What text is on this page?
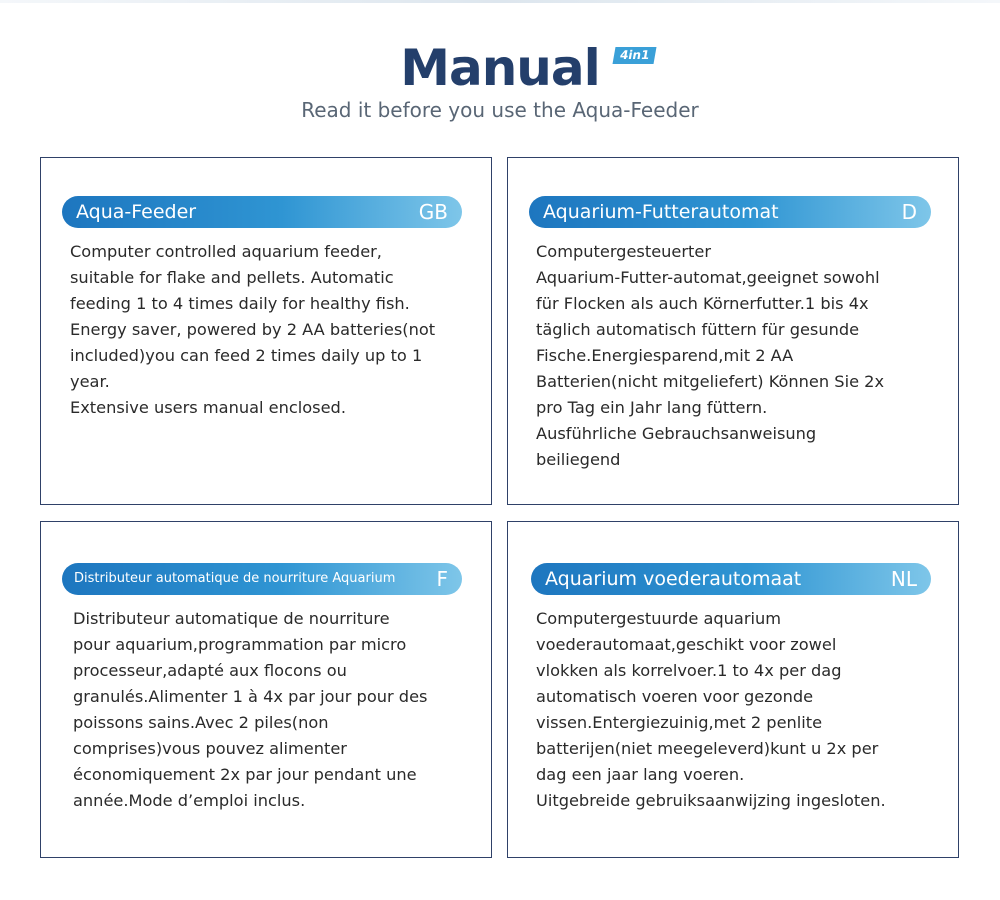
Manual	4in1
Read it before you use the Aqua-Feeder
Aqua-Feeder	GB
Computer controlled aquarium feeder,
suitable for flake and pellets. Automatic
feeding 1 to 4 times daily for healthy fish.
Energy saver, powered by 2 AA batteries(not
included)you can feed 2 times daily up to 1
year.
Extensive users manual enclosed.
Aquarium-Futterautomat	D
Computergesteuerter
Aquarium-Futter-automat,geeignet sowohl
für Flocken als auch Körnerfutter.1 bis 4x
täglich automatisch füttern für gesunde
Fische.Energiesparend,mit 2 AA
Batterien(nicht mitgeliefert) Können Sie 2x
pro Tag ein Jahr lang füttern.
Ausführliche Gebrauchsanweisung
beiliegend
Distributeur automatique de nourriture Aquarium F
Distributeur automatique de nourriture
pour aquarium,programmation par micro
processeur,adapté aux flocons ou
granulés.Alimenter 1 à 4x par jour pour des
poissons sains.Avec 2 piles(non
comprises)vous pouvez alimenter
économiquement 2x par jour pendant une
année.Mode d’emploi inclus.
Aquarium voederautomaat	NL
Computergestuurde aquarium
voederautomaat,geschikt voor zowel
vlokken als korrelvoer.1 to 4x per dag
automatisch voeren voor gezonde
vissen.Entergiezuinig,met 2 penlite
batterijen(niet meegeleverd)kunt u 2x per
dag een jaar lang voeren.
Uitgebreide gebruiksaanwijzing ingesloten.
